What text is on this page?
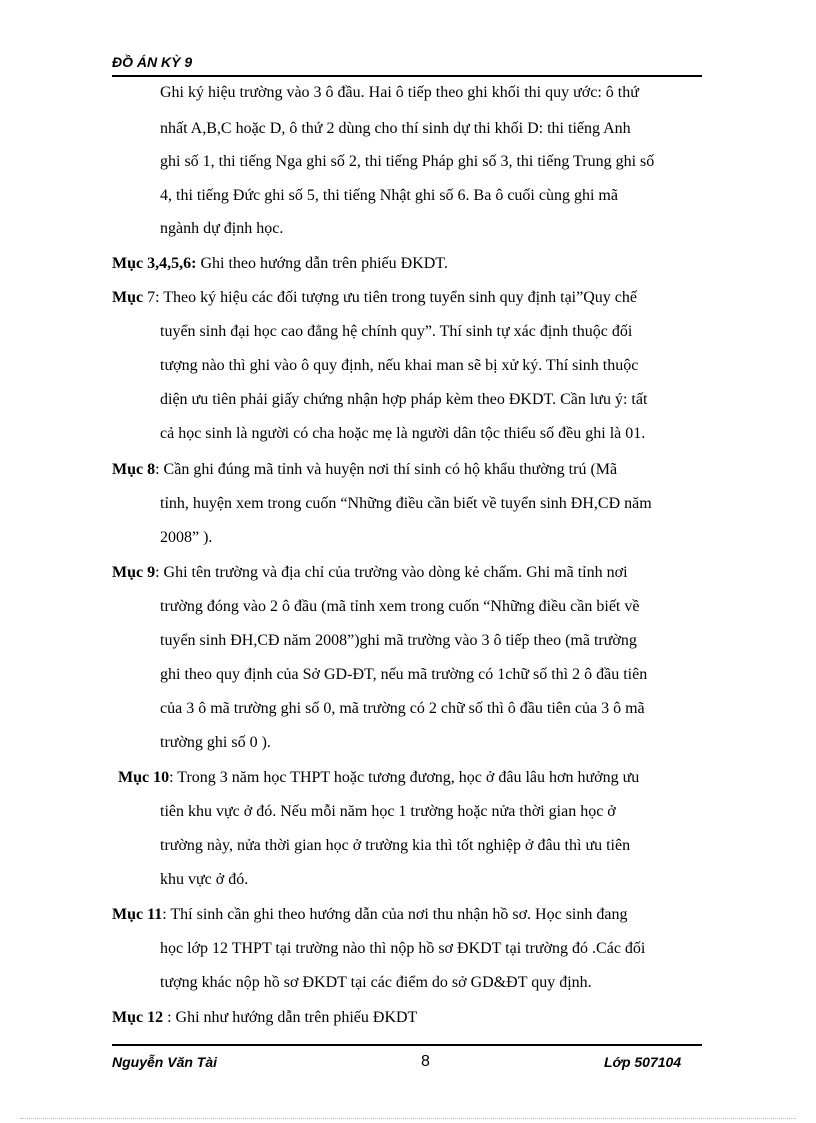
ĐỒ ÁN KỲ 9
Ghi ký hiệu trường vào 3 ô đầu. Hai ô tiếp theo ghi khối thi quy ước: ô thứ
nhất A,B,C hoặc D, ô thứ 2 dùng cho thí sinh dự thi khối D: thi tiếng Anh
ghi số 1, thi tiếng Nga ghi số 2, thi tiếng Pháp ghi số 3, thi tiếng Trung ghi số
4, thi tiếng Đức ghi số 5, thi tiếng Nhật ghi số 6. Ba ô cuối cùng ghi mã
ngành dự định học.
Mục 3,4,5,6: Ghi theo hướng dẫn trên phiếu ĐKDT.
Mục 7: Theo ký hiệu các đối tượng ưu tiên trong tuyển sinh quy định tại”Quy chế
tuyển sinh đại học cao đẳng hệ chính quy”. Thí sinh tự xác định thuộc đối
tượng nào thì ghi vào ô quy định, nếu khai man sẽ bị xử ký. Thí sinh thuộc
diện ưu tiên phải giấy chứng nhận hợp pháp kèm theo ĐKDT. Cần lưu ý: tất
cả học sinh là người có cha hoặc mẹ là người dân tộc thiểu số đều ghi là 01.
Mục 8: Cần ghi đúng mã tỉnh và huyện nơi thí sinh có hộ khẩu thường trú (Mã
tỉnh, huyện xem trong cuốn “Những điều cần biết về tuyển sinh ĐH,CĐ năm
2008” ).
Mục 9: Ghi tên trường và địa chỉ của trường vào dòng kẻ chấm. Ghi mã tỉnh nơi
trường đóng vào 2 ô đầu (mã tỉnh xem trong cuốn “Những điều cần biết về
tuyển sinh ĐH,CĐ năm 2008”)ghi mã trường vào 3 ô tiếp theo (mã trường
ghi theo quy định của Sở GD-ĐT, nếu mã trường có 1chữ số thì 2 ô đầu tiên
của 3 ô mã trường ghi số 0, mã trường có 2 chữ số thì ô đầu tiên của 3 ô mã
trường ghi số 0 ).
Mục 10: Trong 3 năm học THPT hoặc tương đương, học ở đâu lâu hơn hưởng ưu
tiên khu vực ở đó. Nếu mỗi năm học 1 trường hoặc nửa thời gian học ở
trường này, nửa thời gian học ở trường kia thì tốt nghiệp ở đâu thì ưu tiên
khu vực ở đó.
Mục 11: Thí sinh cần ghi theo hướng dẫn của nơi thu nhận hồ sơ. Học sinh đang
học lớp 12 THPT tại trường nào thì nộp hồ sơ ĐKDT tại trường đó .Các đối
tượng khác nộp hồ sơ ĐKDT tại các điểm do sở GD&ĐT quy định.
Mục 12 : Ghi như hướng dẫn trên phiếu ĐKDT
Nguyễn Văn Tài	8	Lớp 507104
